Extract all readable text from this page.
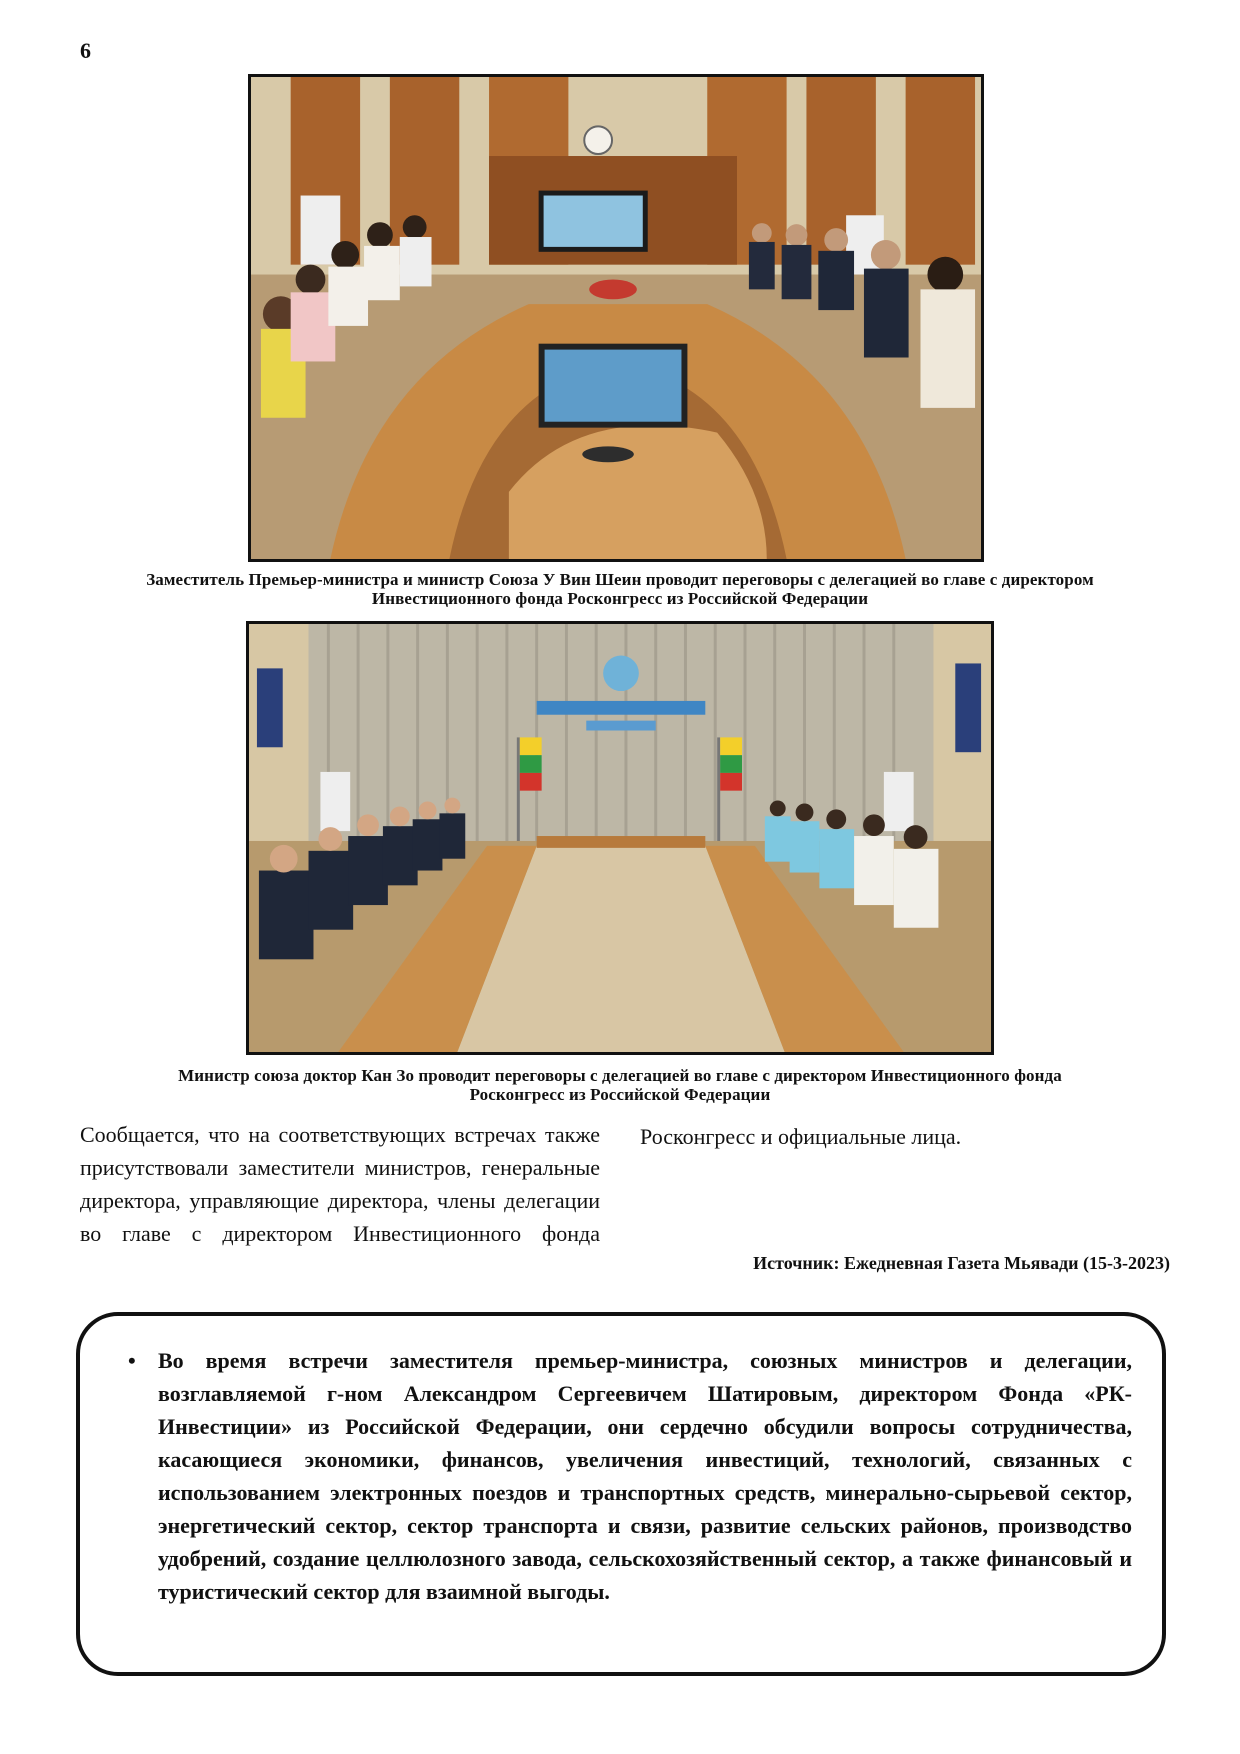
6
Заместитель Премьер-министра и министр Союза У Вин Шеин проводит переговоры с делегацией во главе с директором Инвестиционного фонда Росконгресс из Российской Федерации
Министр союза доктор Кан Зо проводит переговоры с делегацией во главе с директором Инвестиционного фонда Росконгресс из Российской Федерации
Сообщается, что на соответствующих встречах также присутствовали заместители министров, генеральные директора, управляющие директора, члены делегации во главе с директором Инвестиционного фонда
Росконгресс и официальные лица.
Источник: Ежедневная Газета Мьявади (15-3-2023)
• Во время встречи заместителя премьер-министра, союзных министров и делегации, возглавляемой г-ном Александром Сергеевичем Шатировым, директором Фонда «РК-Инвестиции» из Российской Федерации, они сердечно обсудили вопросы сотрудничества, касающиеся экономики, финансов, увеличения инвестиций, технологий, связанных с использованием электронных поездов и транспортных средств, минерально-сырьевой сектор, энергетический сектор, сектор транспорта и связи, развитие сельских районов, производство удобрений, создание целлюлозного завода, сельскохозяйственный сектор, а также финансовый и туристический сектор для взаимной выгоды.
